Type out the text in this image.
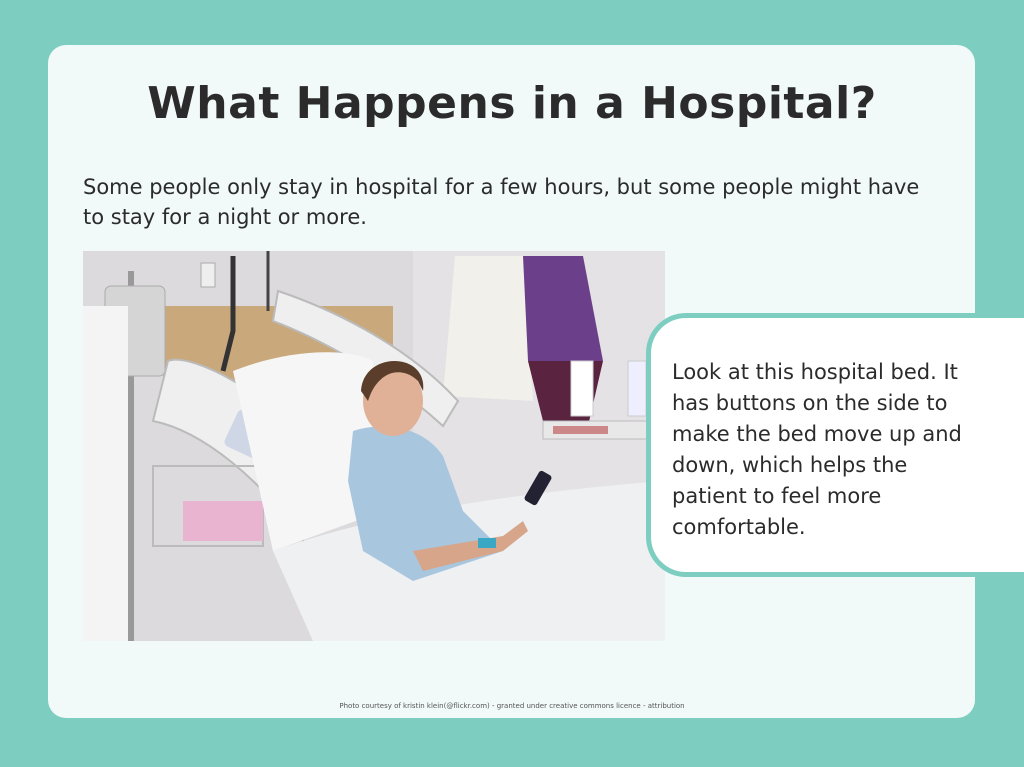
What Happens in a Hospital?

Some people only stay in hospital for a few hours, but some people might have to stay for a night or more.

Look at this hospital bed. It has buttons on the side to make the bed move up and down, which helps the patient to feel more comfortable.

Photo courtesy of kristin klein(@flickr.com) - granted under creative commons licence - attribution
